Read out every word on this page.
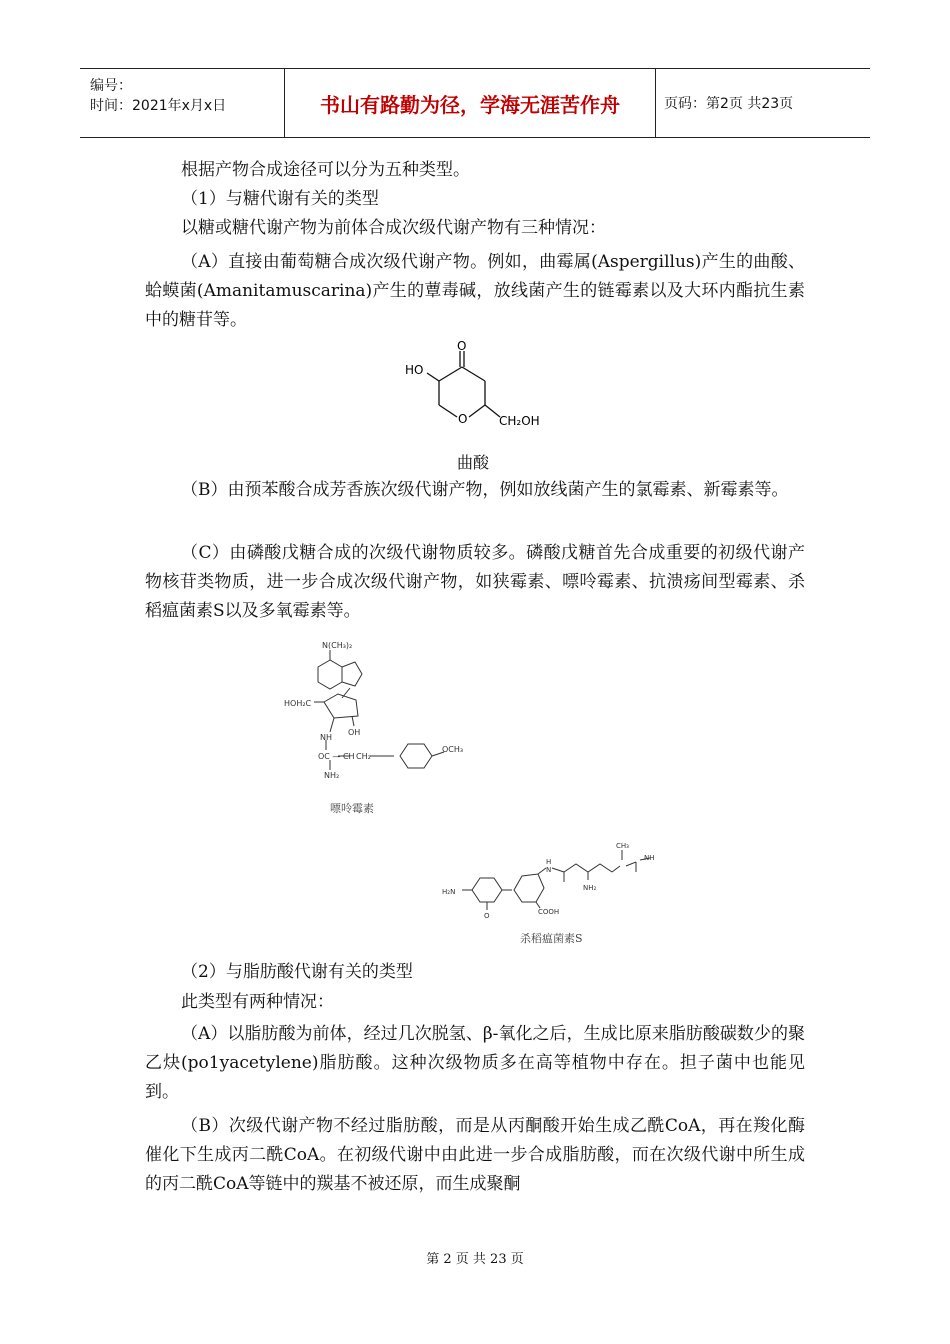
编号：
时间：2021年x月x日	书山有路勤为径，学海无涯苦作舟	页码：第2页 共23页

根据产物合成途径可以分为五种类型。

（1）与糖代谢有关的类型

以糖或糖代谢产物为前体合成次级代谢产物有三种情况：

（A）直接由葡萄糖合成次级代谢产物。例如，曲霉属(Aspergillus)产生的曲酸、蛤蟆菌(Amanitamuscarina)产生的蕈毒碱，放线菌产生的链霉素以及大环内酯抗生素中的糖苷等。

O
HO
O	CH₂OH
曲酸

（B）由预苯酸合成芳香族次级代谢产物，例如放线菌产生的氯霉素、新霉素等。

（C）由磷酸戊糖合成的次级代谢物质较多。磷酸戊糖首先合成重要的初级代谢产物核苷类物质，进一步合成次级代谢产物，如狭霉素、嘌呤霉素、抗溃疡间型霉素、杀稻瘟菌素S以及多氧霉素等。

N(CH₃)₂
HOH₂C
NH
OH
OC — CH CH₂
OCH₃
NH₂
嘌呤霉素
H₂N
O
H
N
COOH
NH₂
CH₃
NH
杀稻瘟菌素S

（2）与脂肪酸代谢有关的类型

此类型有两种情况：

（A）以脂肪酸为前体，经过几次脱氢、β-氧化之后，生成比原来脂肪酸碳数少的聚乙炔(po1yacetylene)脂肪酸。这种次级物质多在高等植物中存在。担子菌中也能见到。

（B）次级代谢产物不经过脂肪酸，而是从丙酮酸开始生成乙酰CoA，再在羧化酶催化下生成丙二酰CoA。在初级代谢中由此进一步合成脂肪酸，而在次级代谢中所生成的丙二酰CoA等链中的羰基不被还原，而生成聚酮

第 2 页 共 23 页
